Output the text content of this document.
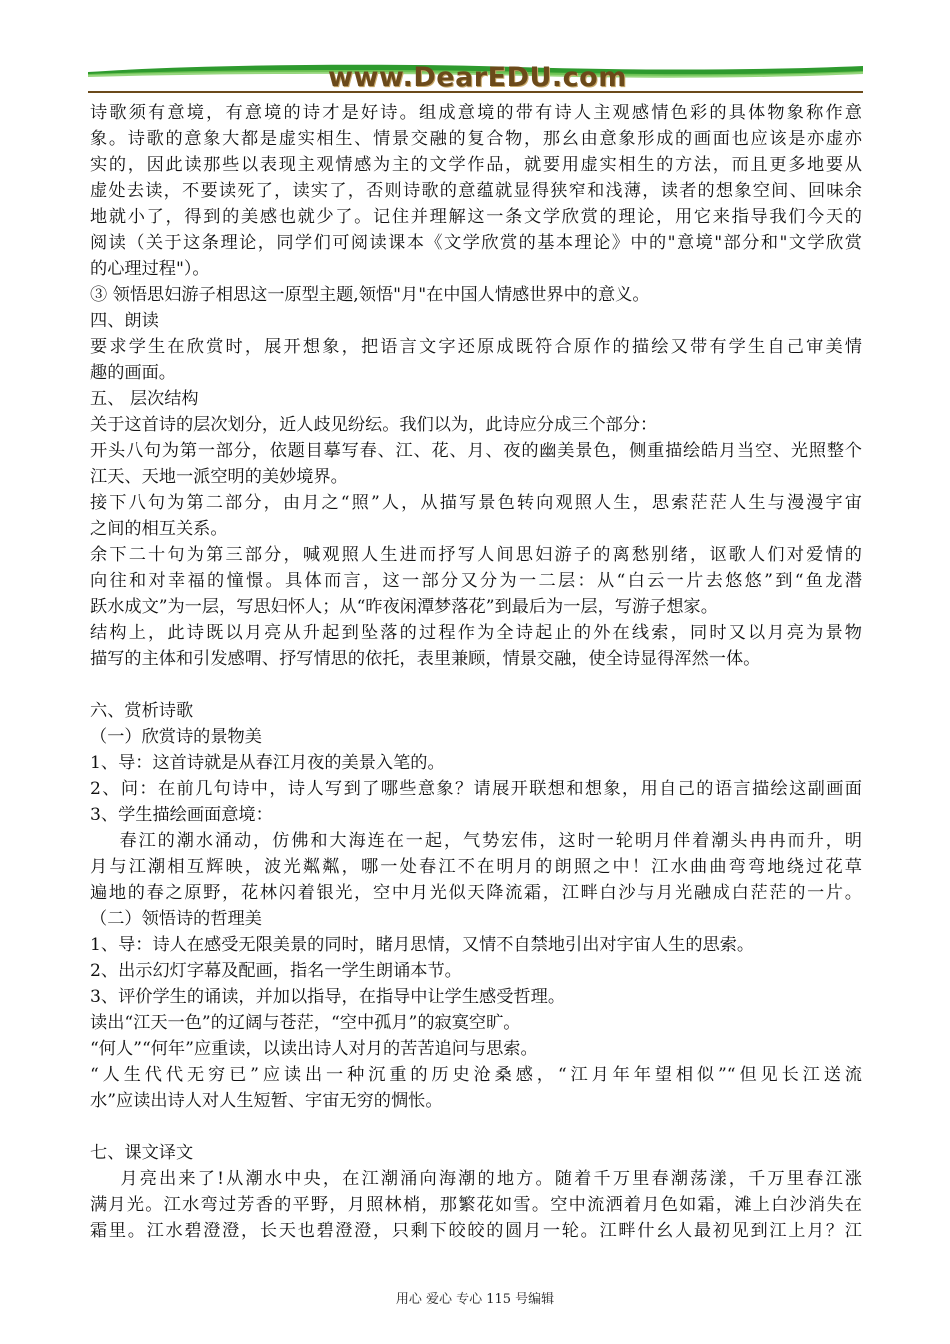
www.DearEDU.com
诗歌须有意境，有意境的诗才是好诗。组成意境的带有诗人主观感情色彩的具体物象称作意
象。诗歌的意象大都是虚实相生、情景交融的复合物，那幺由意象形成的画面也应该是亦虚亦
实的，因此读那些以表现主观情感为主的文学作品，就要用虚实相生的方法，而且更多地要从
虚处去读，不要读死了，读实了，否则诗歌的意蕴就显得狭窄和浅薄，读者的想象空间、回味余
地就小了，得到的美感也就少了。记住并理解这一条文学欣赏的理论，用它来指导我们今天的
阅读（关于这条理论，同学们可阅读课本《文学欣赏的基本理论》中的"意境"部分和"文学欣赏
的心理过程"）。
③ 领悟思妇游子相思这一原型主题,领悟"月"在中国人情感世界中的意义。
四、朗读
要求学生在欣赏时，展开想象，把语言文字还原成既符合原作的描绘又带有学生自己审美情
趣的画面。
五、 层次结构
关于这首诗的层次划分，近人歧见纷纭。我们以为，此诗应分成三个部分：
开头八句为第一部分，依题目摹写春、江、花、月、夜的幽美景色，侧重描绘皓月当空、光照整个
江天、天地一派空明的美妙境界。
接下八句为第二部分，由月之“照”人，从描写景色转向观照人生，思索茫茫人生与漫漫宇宙
之间的相互关系。
余下二十句为第三部分，喊观照人生进而抒写人间思妇游子的离愁别绪，讴歌人们对爱情的
向往和对幸福的憧憬。具体而言，这一部分又分为一二层：从“白云一片去悠悠”到“鱼龙潜
跃水成文”为一层，写思妇怀人；从“昨夜闲潭梦落花”到最后为一层，写游子想家。
结构上，此诗既以月亮从升起到坠落的过程作为全诗起止的外在线索，同时又以月亮为景物
描写的主体和引发感喟、抒写情思的依托，表里兼顾，情景交融，使全诗显得浑然一体。
六、赏析诗歌
（一）欣赏诗的景物美
1、导：这首诗就是从春江月夜的美景入笔的。
2、问：在前几句诗中，诗人写到了哪些意象？请展开联想和想象，用自己的语言描绘这副画面
3、学生描绘画面意境：
春江的潮水涌动，仿佛和大海连在一起，气势宏伟，这时一轮明月伴着潮头冉冉而升，明
月与江潮相互辉映，波光粼粼，哪一处春江不在明月的朗照之中！江水曲曲弯弯地绕过花草
遍地的春之原野，花林闪着银光，空中月光似天降流霜，江畔白沙与月光融成白茫茫的一片。
（二）领悟诗的哲理美
1、导：诗人在感受无限美景的同时，睹月思情，又情不自禁地引出对宇宙人生的思索。
2、出示幻灯字幕及配画，指名一学生朗诵本节。
3、评价学生的诵读，并加以指导，在指导中让学生感受哲理。
读出“江天一色”的辽阔与苍茫，“空中孤月”的寂寞空旷。
“何人”“何年”应重读，以读出诗人对月的苦苦追问与思索。
“人生代代无穷已”应读出一种沉重的历史沧桑感，“江月年年望相似”“但见长江送流
水”应读出诗人对人生短暂、宇宙无穷的惆怅。
七、课文译文
月亮出来了!从潮水中央，在江潮涌向海潮的地方。随着千万里春潮荡漾，千万里春江涨
满月光。江水弯过芳香的平野，月照林梢，那繁花如雪。空中流洒着月色如霜，滩上白沙消失在
霜里。江水碧澄澄，长天也碧澄澄，只剩下皎皎的圆月一轮。江畔什幺人最初见到江上月？江
用心 爱心 专心 115 号编辑
